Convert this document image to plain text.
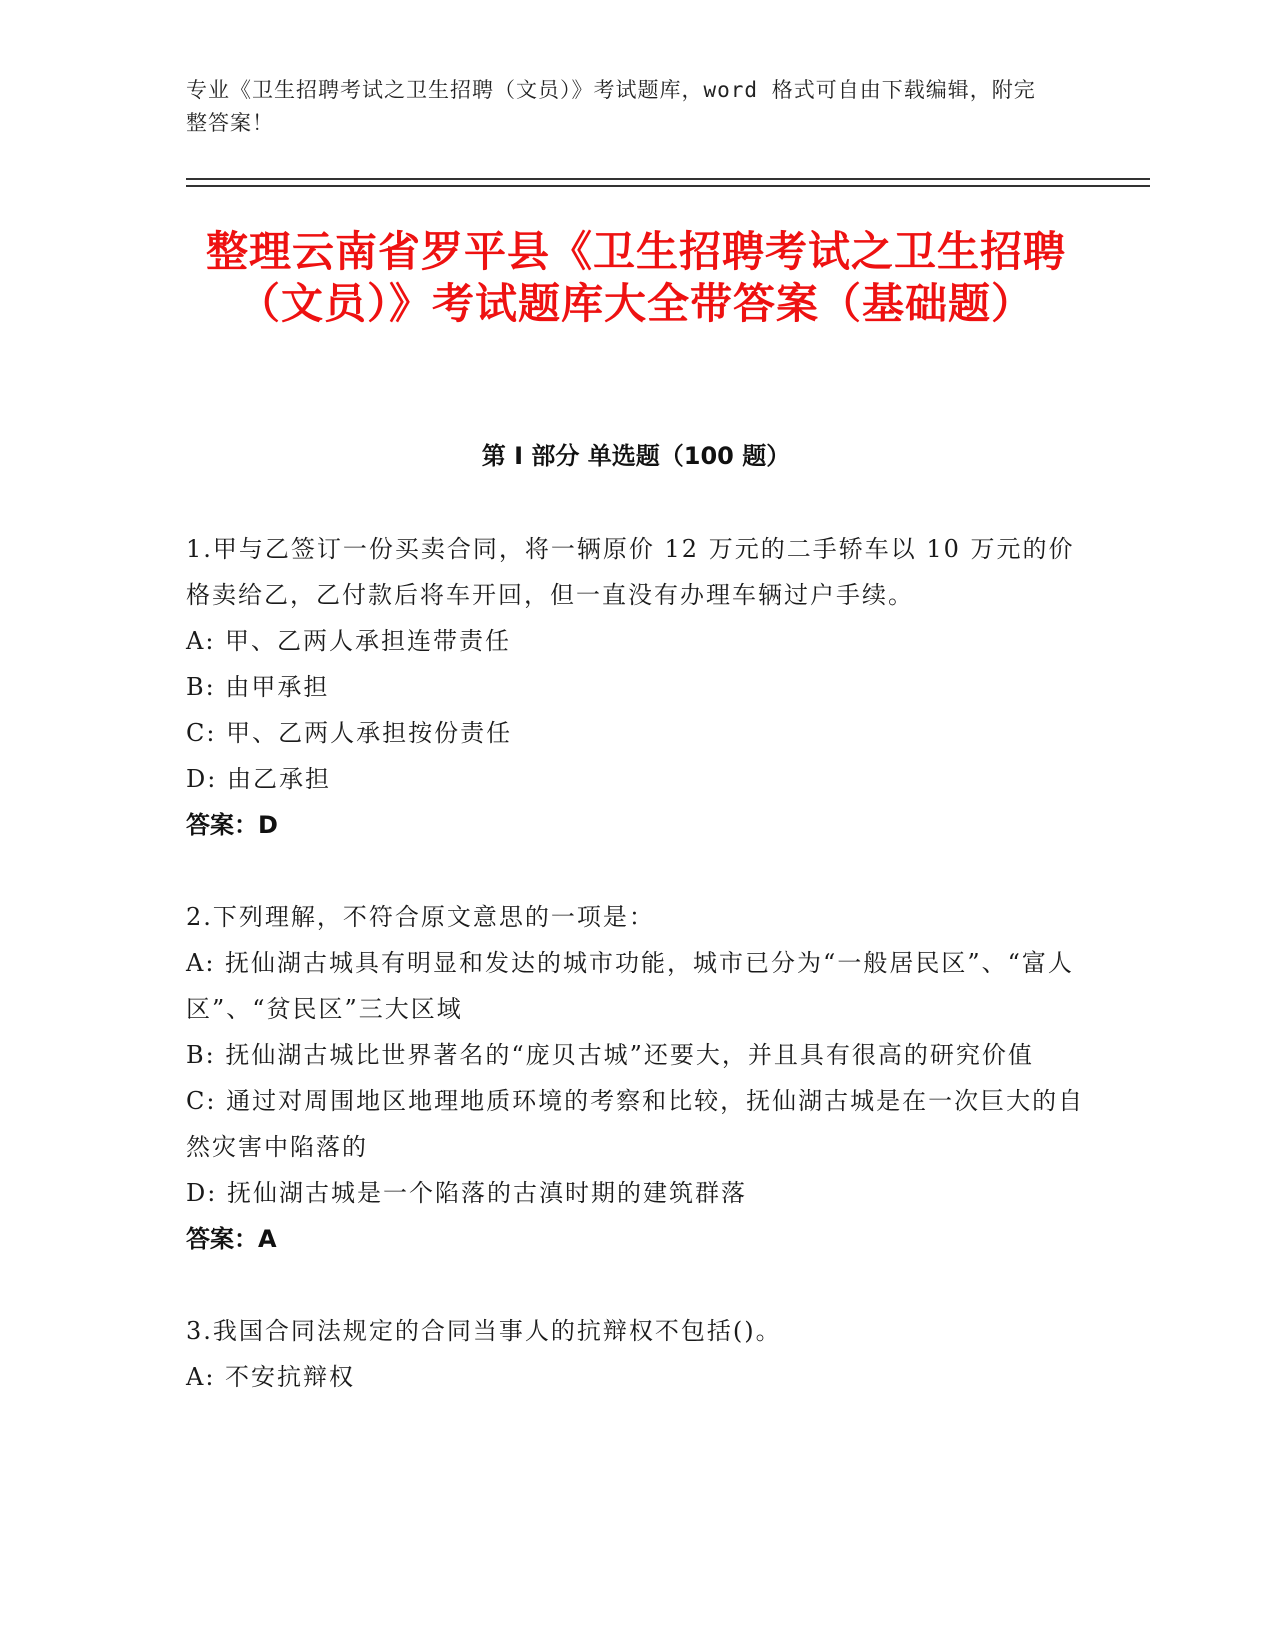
专业《卫生招聘考试之卫生招聘（文员）》考试题库，word 格式可自由下载编辑，附完整答案！
整理云南省罗平县《卫生招聘考试之卫生招聘（文员）》考试题库大全带答案（基础题）
第 I 部分 单选题（100 题）

1.甲与乙签订一份买卖合同，将一辆原价 12 万元的二手轿车以 10 万元的价格卖给乙，乙付款后将车开回，但一直没有办理车辆过户手续。

A: 甲、乙两人承担连带责任

B: 由甲承担

C: 甲、乙两人承担按份责任

D: 由乙承担

答案：D

2.下列理解，不符合原文意思的一项是：

A: 抚仙湖古城具有明显和发达的城市功能，城市已分为“一般居民区”、“富人区”、“贫民区”三大区域

B: 抚仙湖古城比世界著名的“庞贝古城”还要大，并且具有很高的研究价值

C: 通过对周围地区地理地质环境的考察和比较，抚仙湖古城是在一次巨大的自然灾害中陷落的

D: 抚仙湖古城是一个陷落的古滇时期的建筑群落

答案：A

3.我国合同法规定的合同当事人的抗辩权不包括()。

A: 不安抗辩权
